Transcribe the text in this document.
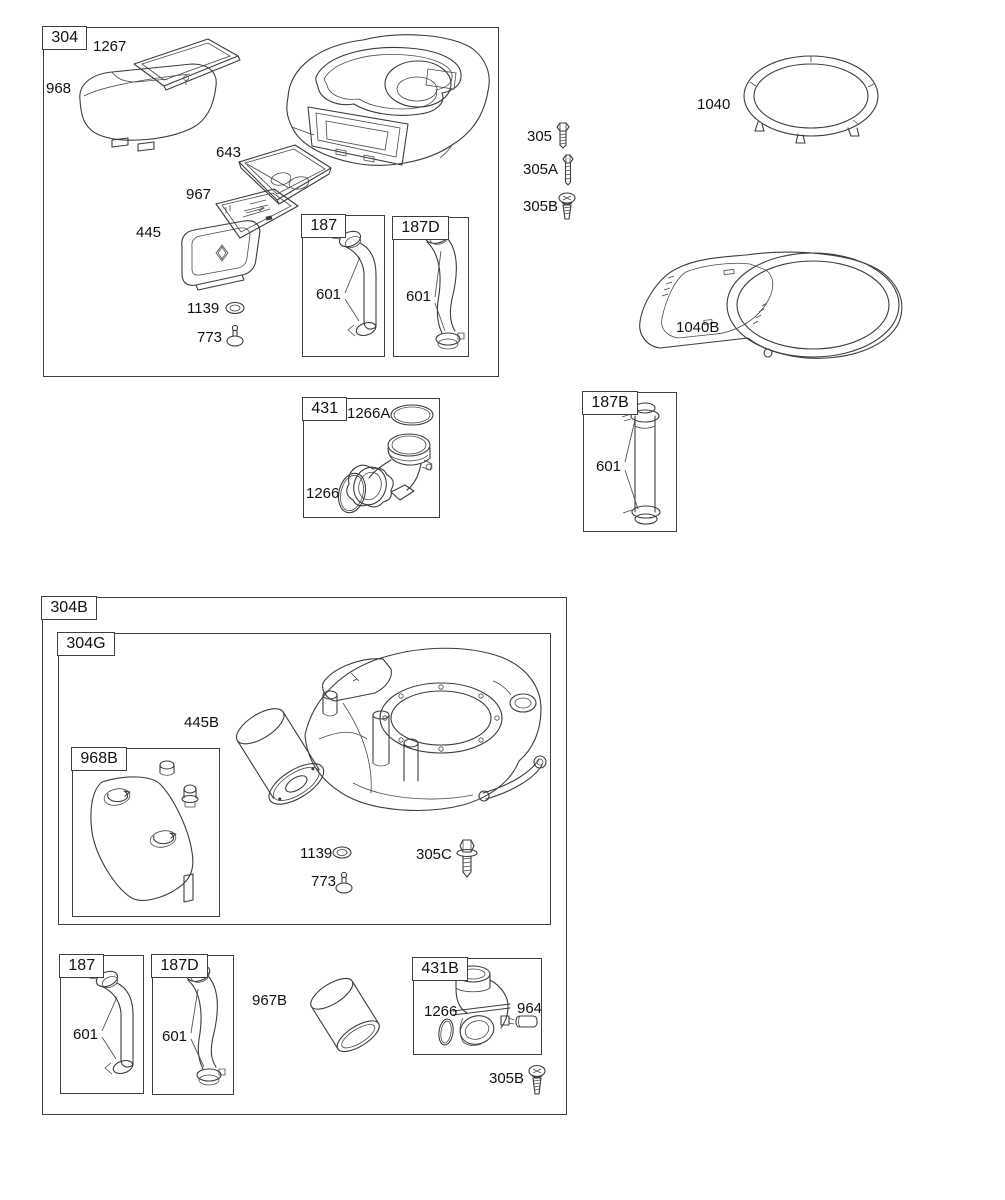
304
187	187D
431	187B
304B
304G
968B
187	187D	431B
1267
968
643
967
445
1139
773
601	601
305
305A
305B
1040
1040B
1266A
1266
601
445B
1139
773
305C
601	601
967B
1266	964
305B
